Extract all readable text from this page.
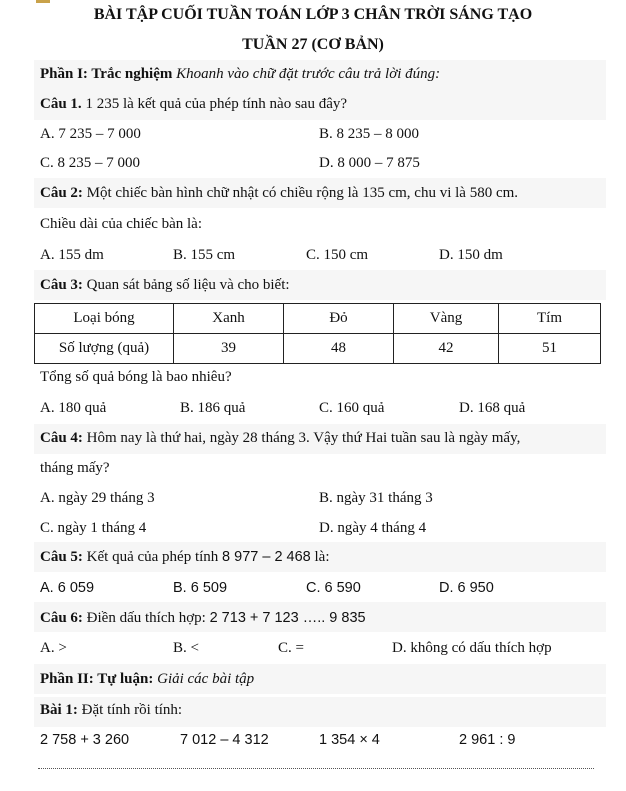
BÀI TẬP CUỐI TUẦN TOÁN LỚP 3 CHÂN TRỜI SÁNG TẠO
TUẦN 27 (CƠ BẢN)
Phần I: Trắc nghiệm Khoanh vào chữ đặt trước câu trả lời đúng:
Câu 1. 1 235 là kết quả của phép tính nào sau đây?
A. 7 235 – 7 000	B. 8 235 – 8 000
C. 8 235 – 7 000	D. 8 000 – 7 875
Câu 2: Một chiếc bàn hình chữ nhật có chiều rộng là 135 cm, chu vi là 580 cm.
Chiều dài của chiếc bàn là:
A. 155 dm	B. 155 cm	C. 150 cm	D. 150 dm
Câu 3: Quan sát bảng số liệu và cho biết:
Loại bóng	Xanh	Đỏ	Vàng	Tím
Số lượng (quả)	39	48	42	51
Tổng số quả bóng là bao nhiêu?
A. 180 quả	B. 186 quả	C. 160 quả	D. 168 quả
Câu 4: Hôm nay là thứ hai, ngày 28 tháng 3. Vậy thứ Hai tuần sau là ngày mấy,
tháng mấy?
A. ngày 29 tháng 3	B. ngày 31 tháng 3
C. ngày 1 tháng 4	D. ngày 4 tháng 4
Câu 5: Kết quả của phép tính 8 977 – 2 468 là:
A. 6 059	B. 6 509	C. 6 590	D. 6 950
Câu 6: Điền dấu thích hợp: 2 713 + 7 123 ….. 9 835
A. >	B. <	C. =	D. không có dấu thích hợp
Phần II: Tự luận: Giải các bài tập
Bài 1: Đặt tính rồi tính:
2 758 + 3 260	7 012 – 4 312	1 354 × 4	2 961 : 9
